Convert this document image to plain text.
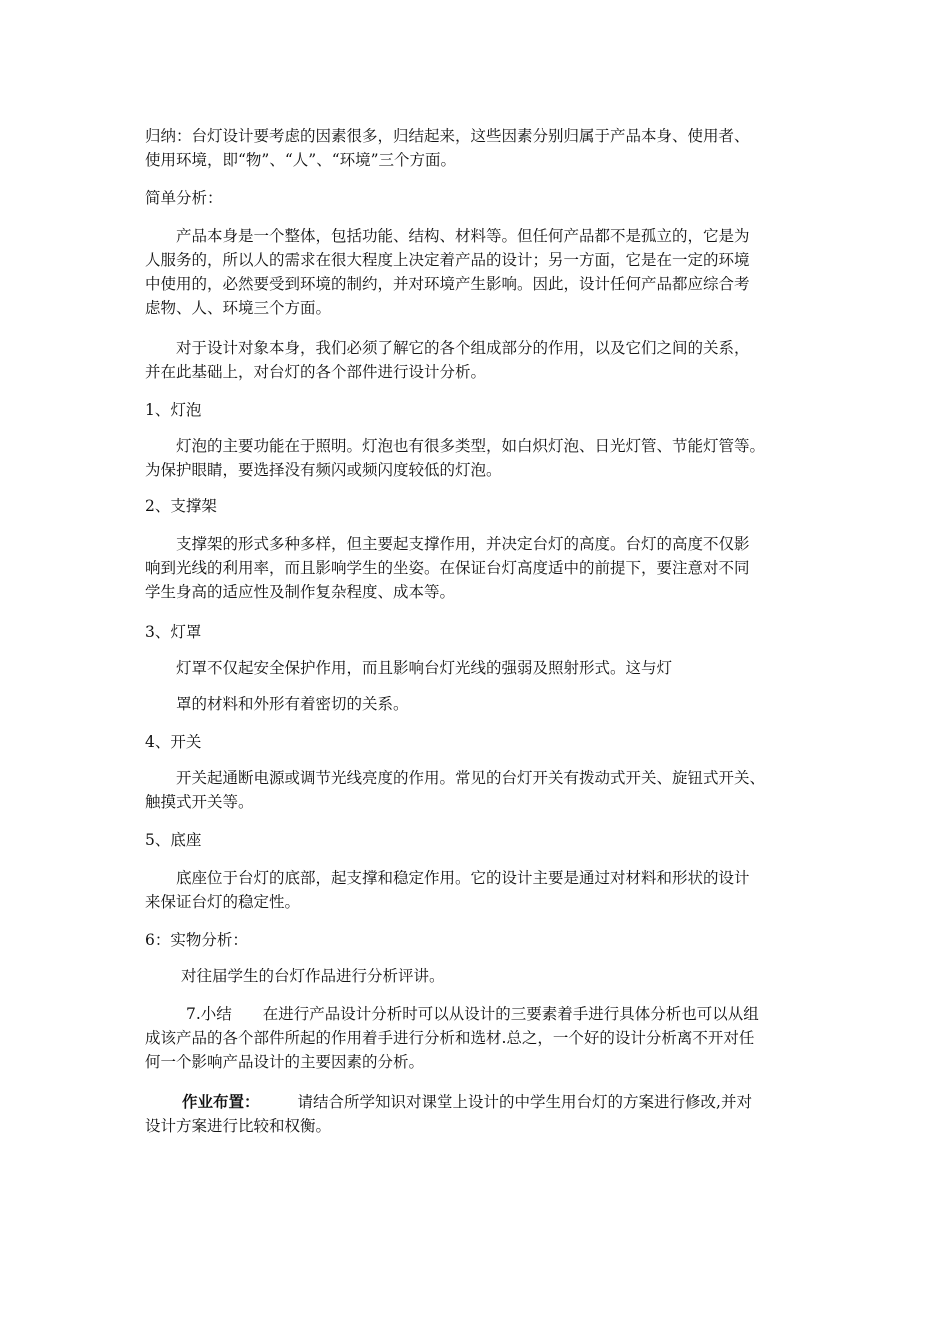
归纳：台灯设计要考虑的因素很多，归结起来，这些因素分别归属于产品本身、使用者、
使用环境，即“物”、“人”、“环境”三个方面。
简单分析：
产品本身是一个整体，包括功能、结构、材料等。但任何产品都不是孤立的，它是为
人服务的，所以人的需求在很大程度上决定着产品的设计；另一方面，它是在一定的环境
中使用的，必然要受到环境的制约，并对环境产生影响。因此，设计任何产品都应综合考
虑物、人、环境三个方面。
对于设计对象本身，我们必须了解它的各个组成部分的作用，以及它们之间的关系，
并在此基础上，对台灯的各个部件进行设计分析。
1、灯泡
灯泡的主要功能在于照明。灯泡也有很多类型，如白炽灯泡、日光灯管、节能灯管等。
为保护眼睛，要选择没有频闪或频闪度较低的灯泡。
2、支撑架
支撑架的形式多种多样，但主要起支撑作用，并决定台灯的高度。台灯的高度不仅影
响到光线的利用率，而且影响学生的坐姿。在保证台灯高度适中的前提下，要注意对不同
学生身高的适应性及制作复杂程度、成本等。
3、灯罩
灯罩不仅起安全保护作用，而且影响台灯光线的强弱及照射形式。这与灯
罩的材料和外形有着密切的关系。
4、开关
开关起通断电源或调节光线亮度的作用。常见的台灯开关有拨动式开关、旋钮式开关、
触摸式开关等。
5、底座
底座位于台灯的底部，起支撑和稳定作用。它的设计主要是通过对材料和形状的设计
来保证台灯的稳定性。
6：实物分析：
对往届学生的台灯作品进行分析评讲。
7.小结　　在进行产品设计分析时可以从设计的三要素着手进行具体分析也可以从组
成该产品的各个部件所起的作用着手进行分析和选材.总之，一个好的设计分析离不开对任
何一个影响产品设计的主要因素的分析。
作业布置： 请结合所学知识对课堂上设计的中学生用台灯的方案进行修改,并对
设计方案进行比较和权衡。
